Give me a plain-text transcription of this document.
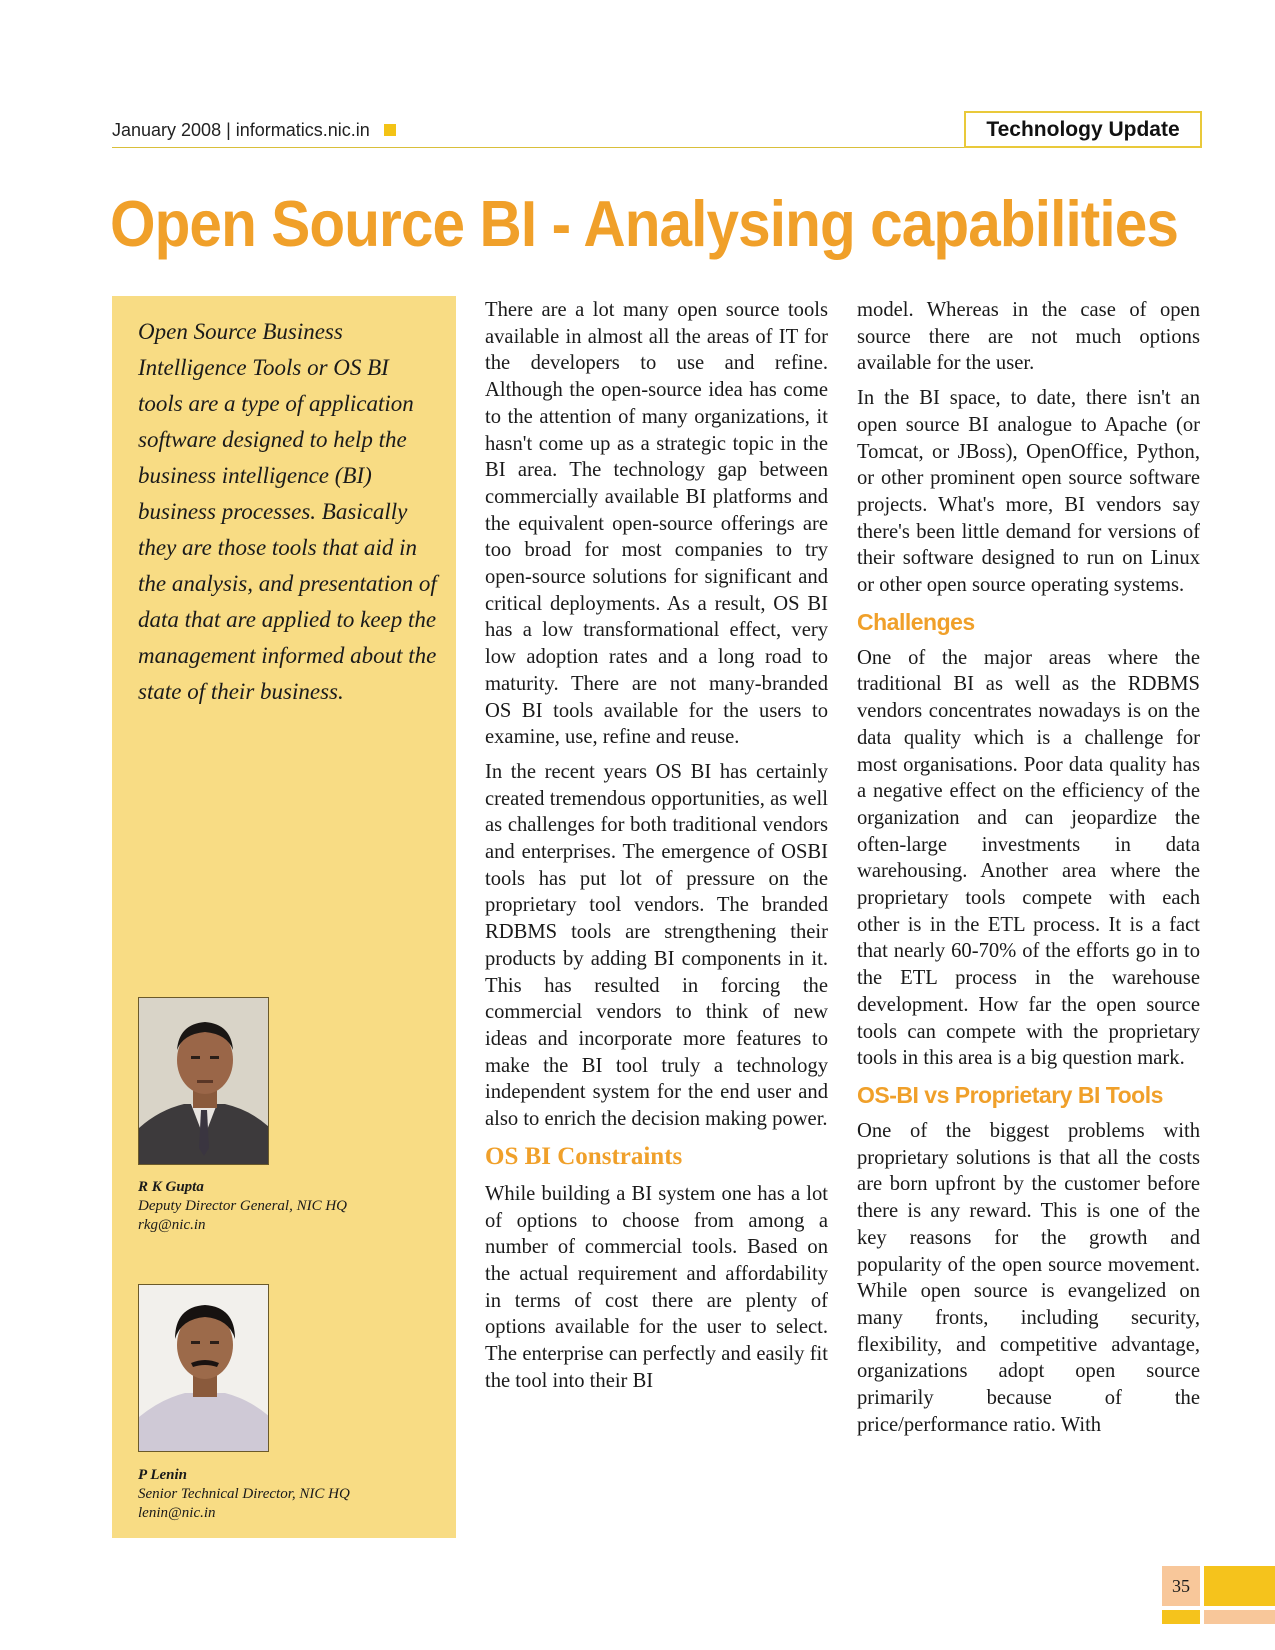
January 2008 | informatics.nic.in	Technology Update
Open Source BI - Analysing capabilities
Open Source Business Intelligence Tools or OS BI tools are a type of application software designed to help the business intelligence (BI) business processes. Basically they are those tools that aid in the analysis, and presentation of data that are applied to keep the management informed about the state of their business.
R K Gupta
Deputy Director General, NIC HQ
rkg@nic.in
P Lenin
Senior Technical Director, NIC HQ
lenin@nic.in

There are a lot many open source tools available in almost all the areas of IT for the developers to use and refine. Although the open-source idea has come to the attention of many organizations, it hasn't come up as a strategic topic in the BI area. The technology gap between commercially available BI platforms and the equivalent open-source offerings are too broad for most companies to try open-source solutions for significant and critical deployments. As a result, OS BI has a low transformational effect, very low adoption rates and a long road to maturity. There are not many-branded OS BI tools available for the users to examine, use, refine and reuse.

In the recent years OS BI has certainly created tremendous opportunities, as well as challenges for both traditional vendors and enterprises. The emergence of OSBI tools has put lot of pressure on the proprietary tool vendors. The branded RDBMS tools are strengthening their products by adding BI components in it. This has resulted in forcing the commercial vendors to think of new ideas and incorporate more features to make the BI tool truly a technology independent system for the end user and also to enrich the decision making power.

OS BI Constraints

While building a BI system one has a lot of options to choose from among a number of commercial tools. Based on the actual requirement and affordability in terms of cost there are plenty of options available for the user to select. The enterprise can perfectly and easily fit the tool into their BI

model. Whereas in the case of open source there are not much options available for the user.

In the BI space, to date, there isn't an open source BI analogue to Apache (or Tomcat, or JBoss), OpenOffice, Python, or other prominent open source software projects. What's more, BI vendors say there's been little demand for versions of their software designed to run on Linux or other open source operating systems.

Challenges

One of the major areas where the traditional BI as well as the RDBMS vendors concentrates nowadays is on the data quality which is a challenge for most organisations. Poor data quality has a negative effect on the efficiency of the organization and can jeopardize the often-large investments in data warehousing. Another area where the proprietary tools compete with each other is in the ETL process. It is a fact that nearly 60-70% of the efforts go in to the ETL process in the warehouse development. How far the open source tools can compete with the proprietary tools in this area is a big question mark.

OS-BI vs Proprietary BI Tools

One of the biggest problems with proprietary solutions is that all the costs are born upfront by the customer before there is any reward. This is one of the key reasons for the growth and popularity of the open source movement. While open source is evangelized on many fronts, including security, flexibility, and competitive advantage, organizations adopt open source primarily because of the price/performance ratio. With

35
